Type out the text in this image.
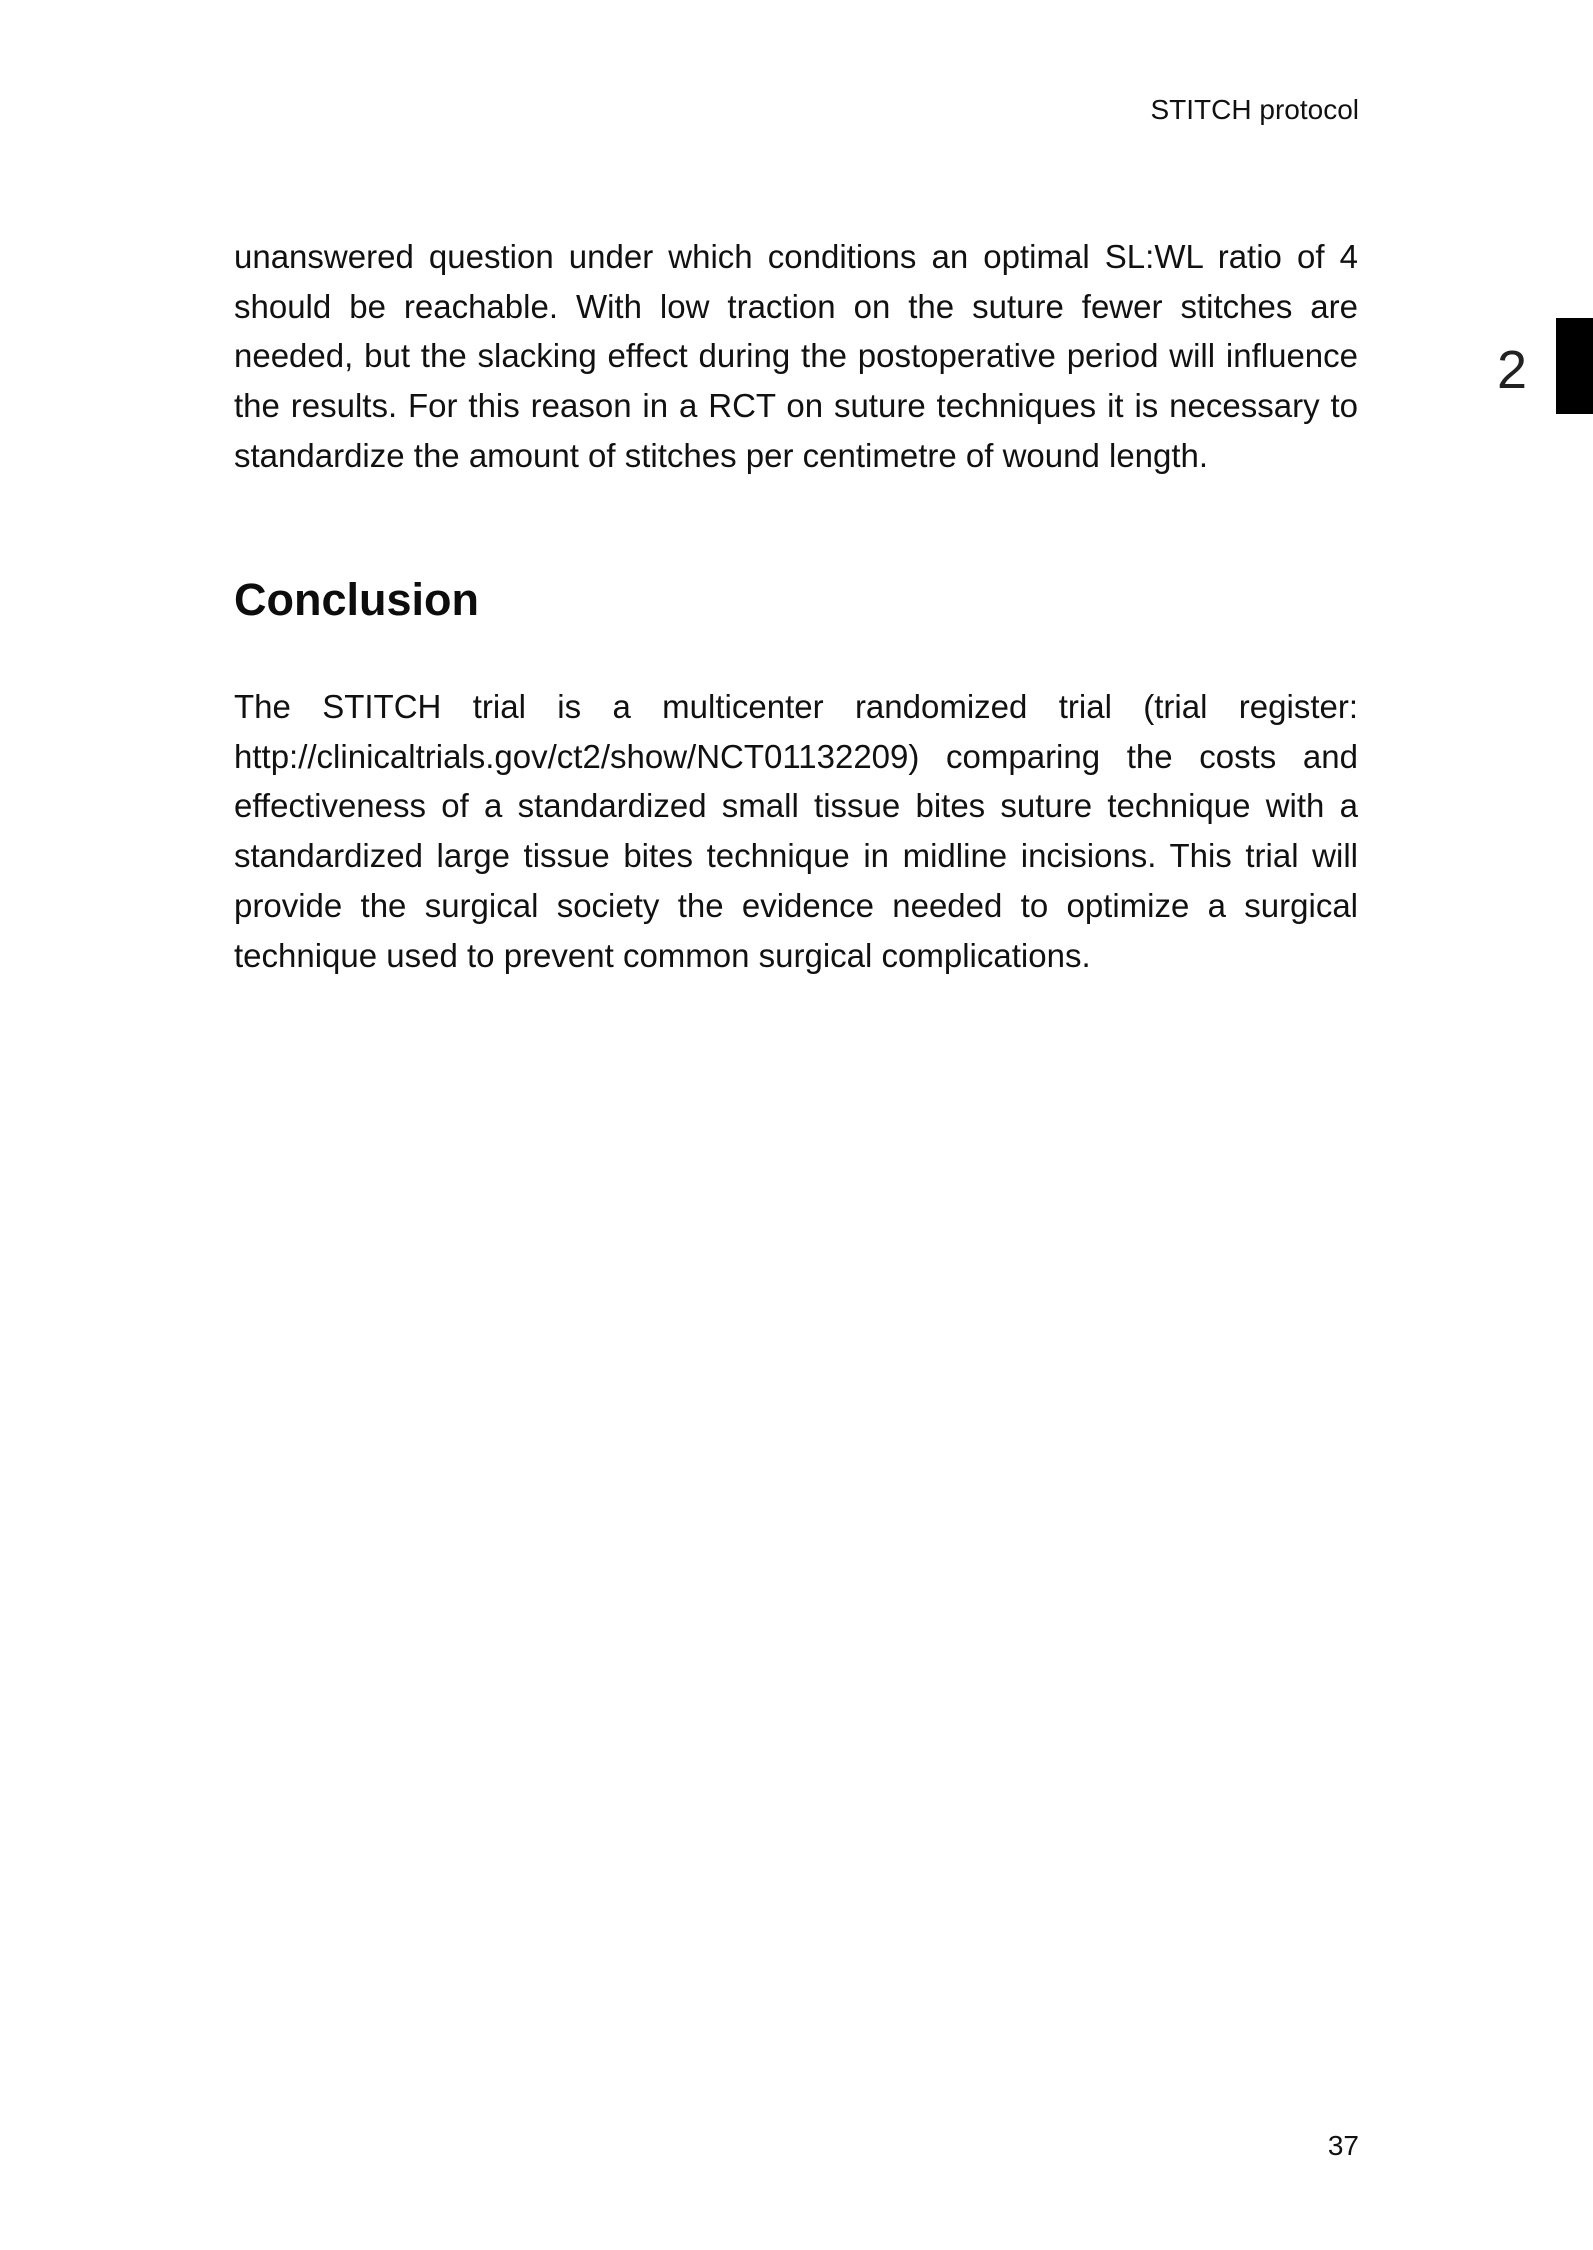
STITCH protocol
2

unanswered question under which conditions an optimal SL:WL ratio of 4 should be reachable. With low traction on the suture fewer stitches are needed, but the slacking effect during the postoperative period will influence the results. For this reason in a RCT on suture techniques it is necessary to standardize the amount of stitches per centimetre of wound length.

Conclusion

The STITCH trial is a multicenter randomized trial (trial register: http://clinicaltrials.gov/ct2/show/NCT01132209) comparing the costs and effectiveness of a standardized small tissue bites suture technique with a standardized large tissue bites technique in midline incisions. This trial will provide the surgical society the evidence needed to optimize a surgical technique used to prevent common surgical complications.

37
